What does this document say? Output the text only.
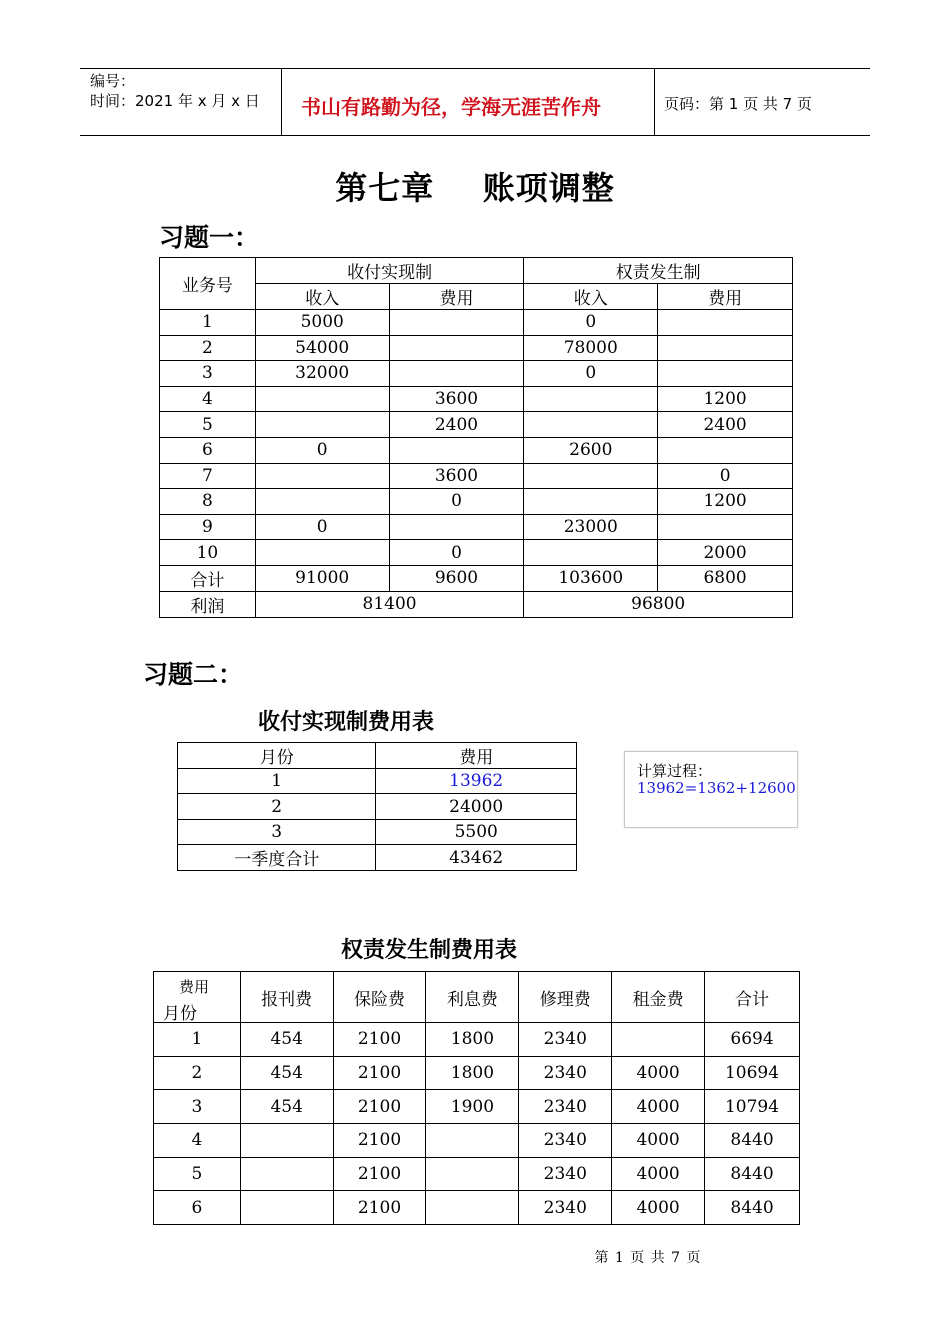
编号：
时间：2021 年 x 月 x 日 书山有路勤为径，学海无涯苦作舟	页码：第 1 页 共 7 页
第七章    账项调整
习题一：
业务号	收付实现制		权责发生制	
	收入	费用	收入	费用
1	5000		0	
2	54000		78000	
3	32000		0	
4		3600		1200
5		2400		2400
6	0		2600	
7		3600		0
8		0		1200
9	0		23000	
10		0		2000
合计	91000	9600	103600	6800
利润	81400		96800	
习题二：
收付实现制费用表
月份	费用
1	13962
2	24000
3	5500
一季度合计	43462
计算过程：
13962=1362+12600
权责发生制费用表
费用
月份	报刊费	保险费	利息费	修理费	租金费	合计
1	454	2100	1800	2340		6694
2	454	2100	1800	2340	4000	10694
3	454	2100	1900	2340	4000	10794
4		2100		2340	4000	8440
5		2100		2340	4000	8440
6		2100		2340	4000	8440
第 1 页 共 7 页
